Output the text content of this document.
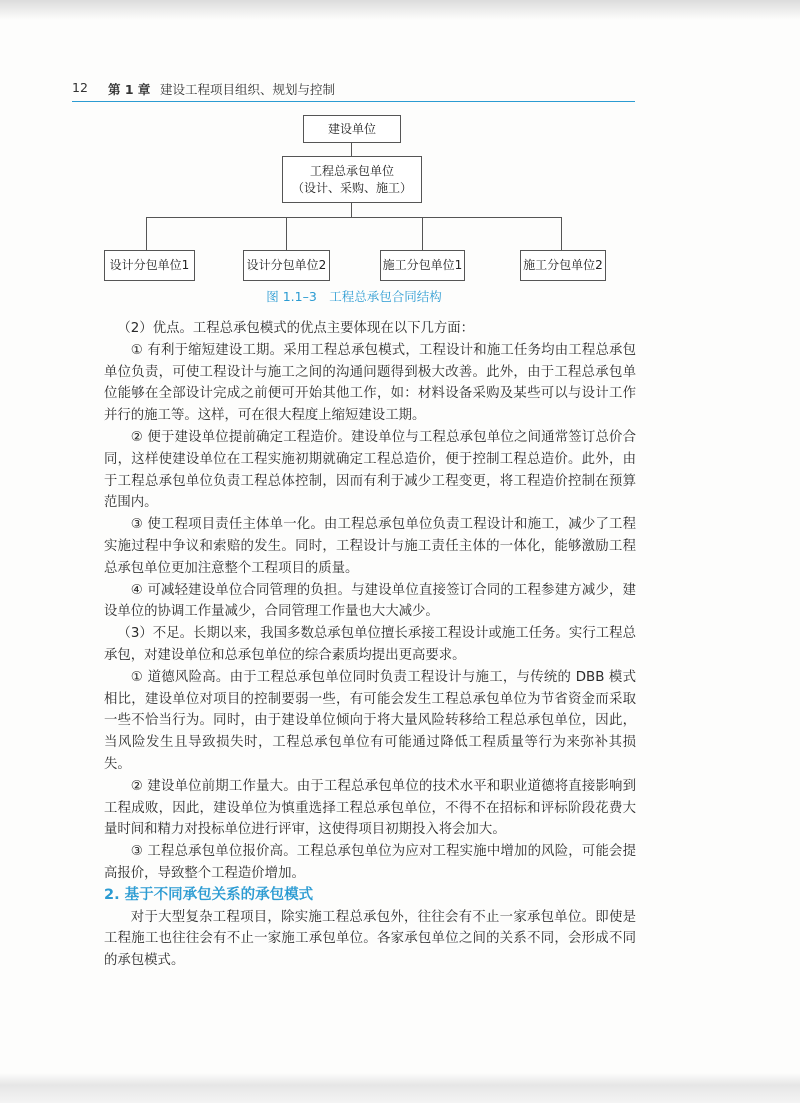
12 第 1 章 建设工程项目组织、规划与控制
建设单位
工程总承包单位
（设计、采购、施工）
设计分包单位1	设计分包单位2	施工分包单位1	施工分包单位2
图 1.1–3　工程总承包合同结构

（2）优点。工程总承包模式的优点主要体现在以下几方面：

① 有利于缩短建设工期。采用工程总承包模式，工程设计和施工任务均由工程总承包单位负责，可使工程设计与施工之间的沟通问题得到极大改善。此外，由于工程总承包单位能够在全部设计完成之前便可开始其他工作，如：材料设备采购及某些可以与设计工作并行的施工等。这样，可在很大程度上缩短建设工期。

② 便于建设单位提前确定工程造价。建设单位与工程总承包单位之间通常签订总价合同，这样使建设单位在工程实施初期就确定工程总造价，便于控制工程总造价。此外，由于工程总承包单位负责工程总体控制，因而有利于减少工程变更，将工程造价控制在预算范围内。

③ 使工程项目责任主体单一化。由工程总承包单位负责工程设计和施工，减少了工程实施过程中争议和索赔的发生。同时，工程设计与施工责任主体的一体化，能够激励工程总承包单位更加注意整个工程项目的质量。

④ 可减轻建设单位合同管理的负担。与建设单位直接签订合同的工程参建方减少，建设单位的协调工作量减少，合同管理工作量也大大减少。

（3）不足。长期以来，我国多数总承包单位擅长承接工程设计或施工任务。实行工程总承包，对建设单位和总承包单位的综合素质均提出更高要求。

① 道德风险高。由于工程总承包单位同时负责工程设计与施工，与传统的 DBB 模式相比，建设单位对项目的控制要弱一些，有可能会发生工程总承包单位为节省资金而采取一些不恰当行为。同时，由于建设单位倾向于将大量风险转移给工程总承包单位，因此，当风险发生且导致损失时，工程总承包单位有可能通过降低工程质量等行为来弥补其损失。

② 建设单位前期工作量大。由于工程总承包单位的技术水平和职业道德将直接影响到工程成败，因此，建设单位为慎重选择工程总承包单位，不得不在招标和评标阶段花费大量时间和精力对投标单位进行评审，这使得项目初期投入将会加大。

③ 工程总承包单位报价高。工程总承包单位为应对工程实施中增加的风险，可能会提高报价，导致整个工程造价增加。

2. 基于不同承包关系的承包模式

对于大型复杂工程项目，除实施工程总承包外，往往会有不止一家承包单位。即使是工程施工也往往会有不止一家施工承包单位。各家承包单位之间的关系不同，会形成不同的承包模式。
